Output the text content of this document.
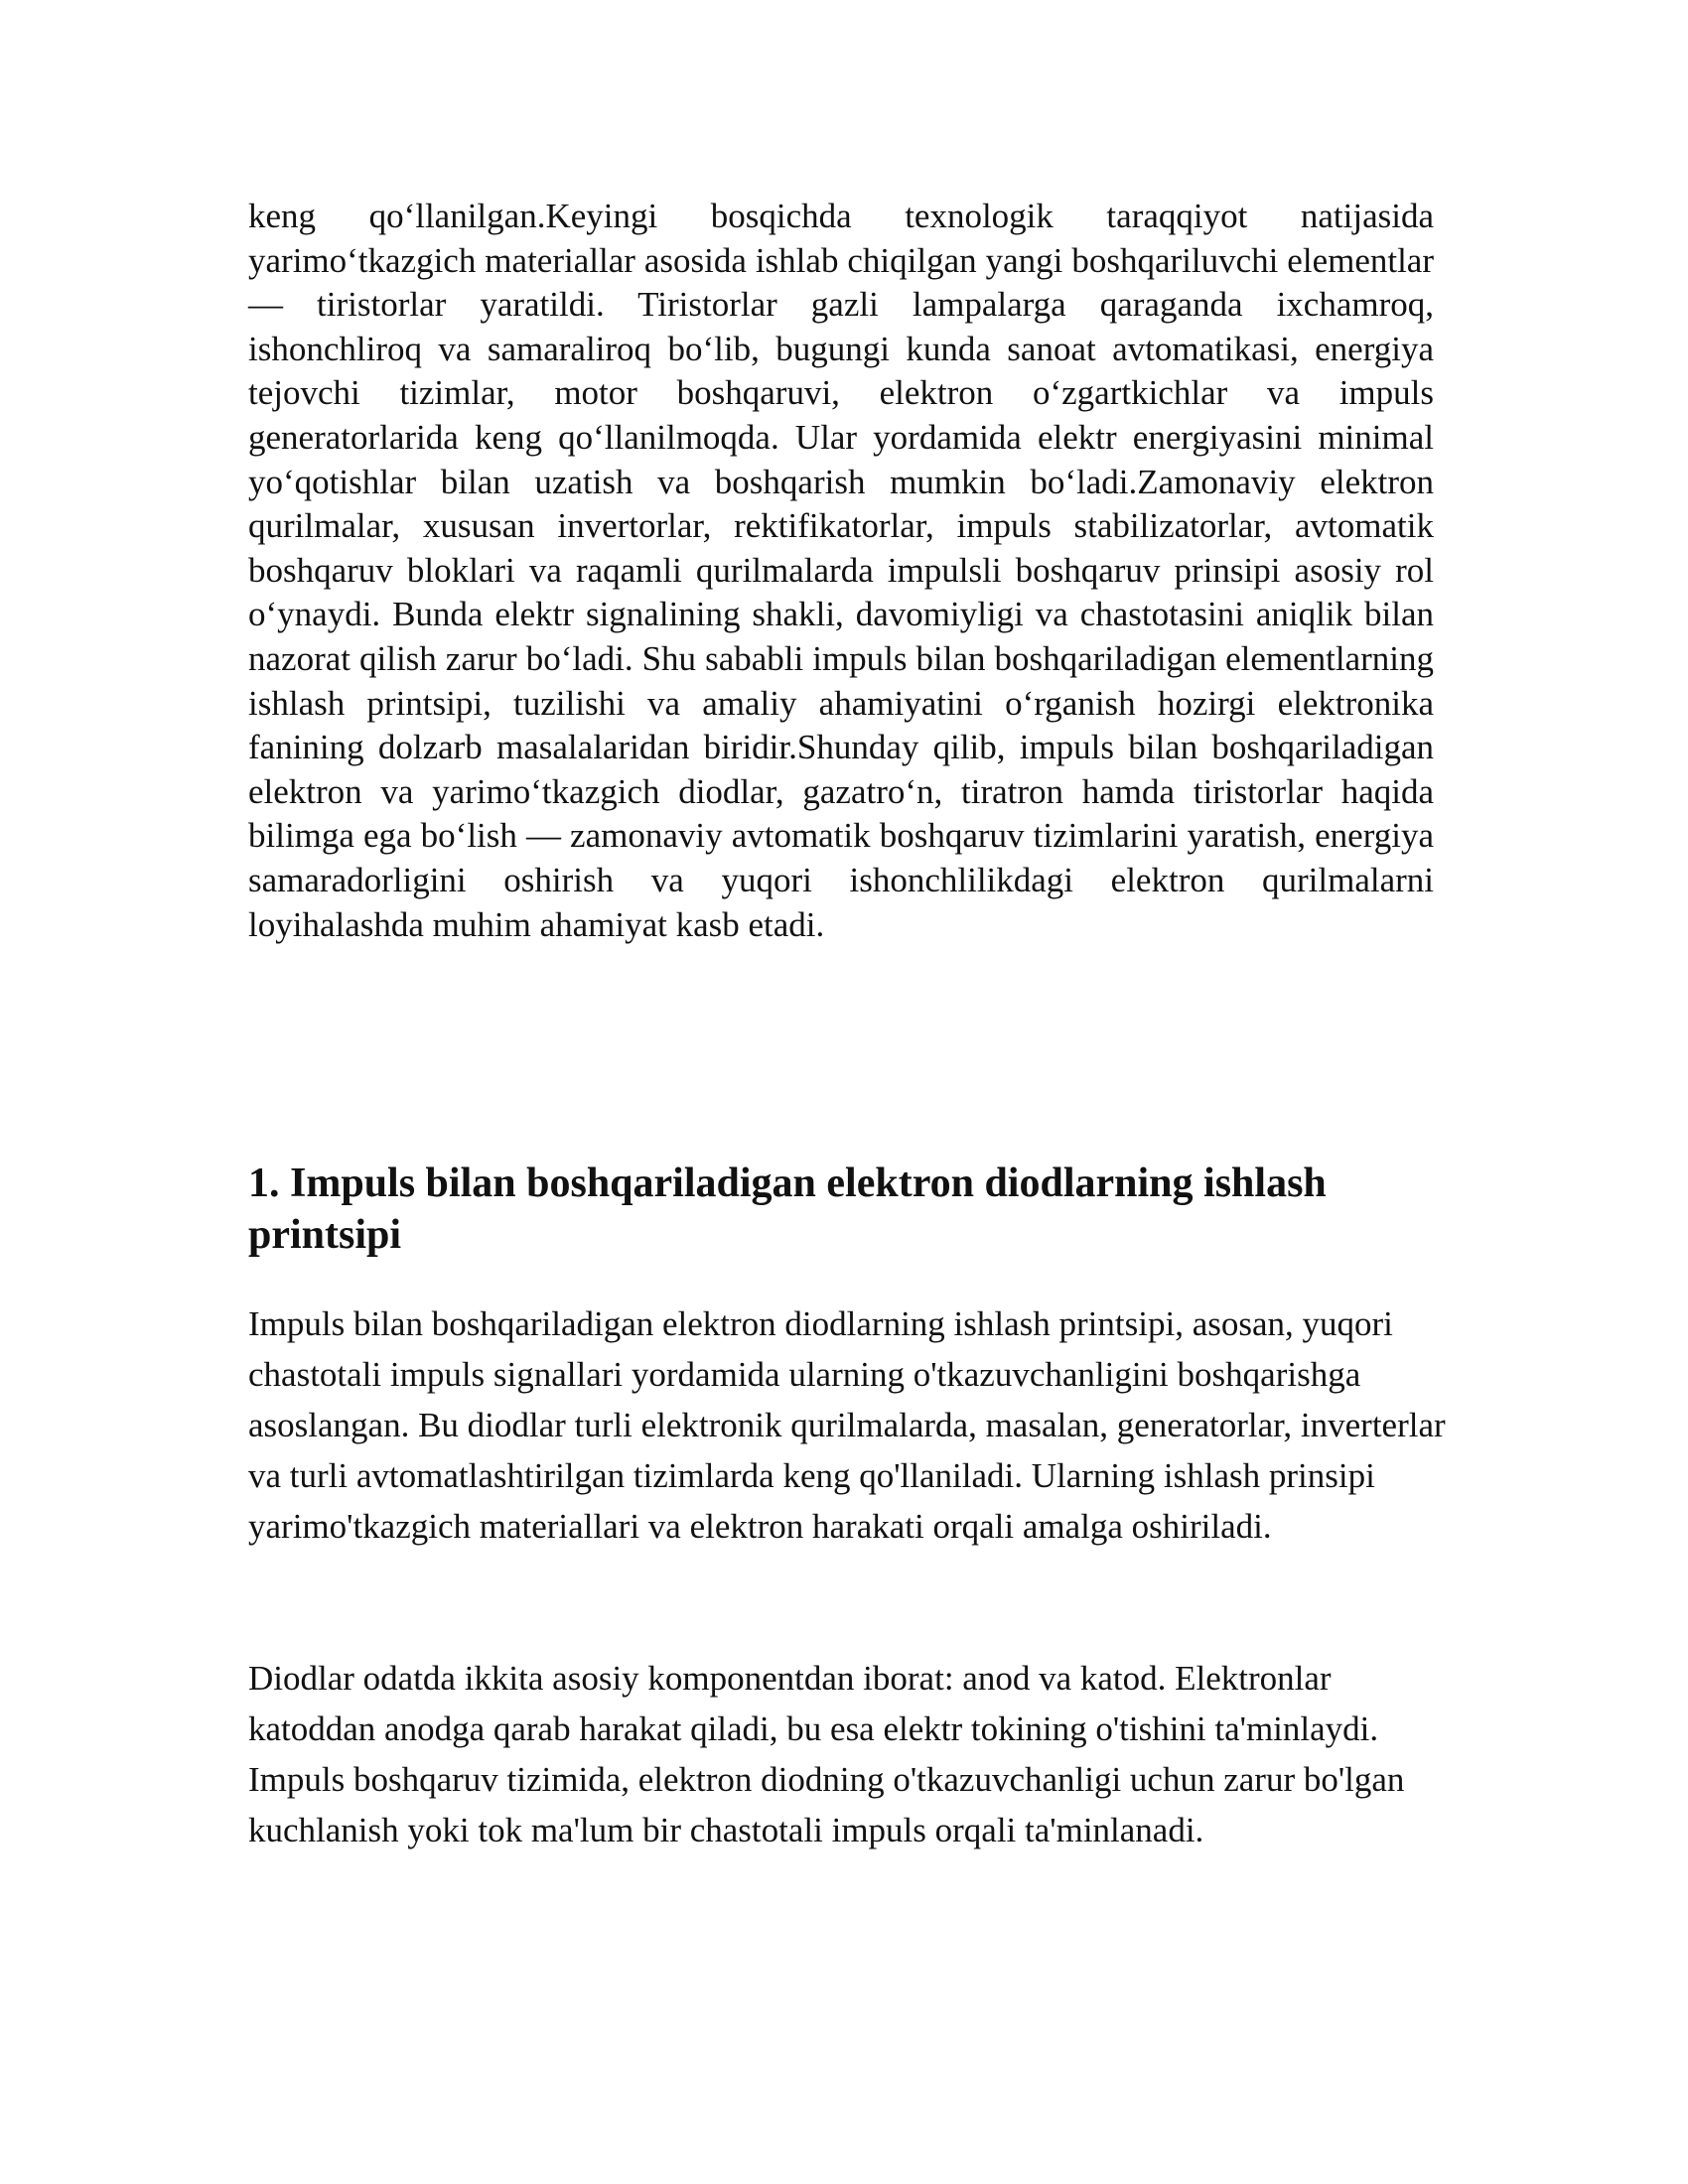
keng qo‘llanilgan.Keyingi bosqichda texnologik taraqqiyot natijasida yarimo‘tkazgich materiallar asosida ishlab chiqilgan yangi boshqariluvchi elementlar — tiristorlar yaratildi. Tiristorlar gazli lampalarga qaraganda ixchamroq, ishonchliroq va samaraliroq bo‘lib, bugungi kunda sanoat avtomatikasi, energiya tejovchi tizimlar, motor boshqaruvi, elektron o‘zgartkichlar va impuls generatorlarida keng qo‘llanilmoqda. Ular yordamida elektr energiyasini minimal yo‘qotishlar bilan uzatish va boshqarish mumkin bo‘ladi.Zamonaviy elektron qurilmalar, xususan invertorlar, rektifikatorlar, impuls stabilizatorlar, avtomatik boshqaruv bloklari va raqamli qurilmalarda impulsli boshqaruv prinsipi asosiy rol o‘ynaydi. Bunda elektr signalining shakli, davomiyligi va chastotasini aniqlik bilan nazorat qilish zarur bo‘ladi. Shu sababli impuls bilan boshqariladigan elementlarning ishlash printsipi, tuzilishi va amaliy ahamiyatini o‘rganish hozirgi elektronika fanining dolzarb masalalaridan biridir.Shunday qilib, impuls bilan boshqariladigan elektron va yarimo‘tkazgich diodlar, gazatro‘n, tiratron hamda tiristorlar haqida bilimga ega bo‘lish — zamonaviy avtomatik boshqaruv tizimlarini yaratish, energiya samaradorligini oshirish va yuqori ishonchlilikdagi elektron qurilmalarni loyihalashda muhim ahamiyat kasb etadi.

1. Impuls bilan boshqariladigan elektron diodlarning ishlash printsipi

Impuls bilan boshqariladigan elektron diodlarning ishlash printsipi, asosan, yuqori chastotali impuls signallari yordamida ularning o'tkazuvchanligini boshqarishga asoslangan. Bu diodlar turli elektronik qurilmalarda, masalan, generatorlar, inverterlar va turli avtomatlashtirilgan tizimlarda keng qo'llaniladi. Ularning ishlash prinsipi yarimo'tkazgich materiallari va elektron harakati orqali amalga oshiriladi.

Diodlar odatda ikkita asosiy komponentdan iborat: anod va katod. Elektronlar katoddan anodga qarab harakat qiladi, bu esa elektr tokining o'tishini ta'minlaydi. Impuls boshqaruv tizimida, elektron diodning o'tkazuvchanligi uchun zarur bo'lgan kuchlanish yoki tok ma'lum bir chastotali impuls orqali ta'minlanadi.
